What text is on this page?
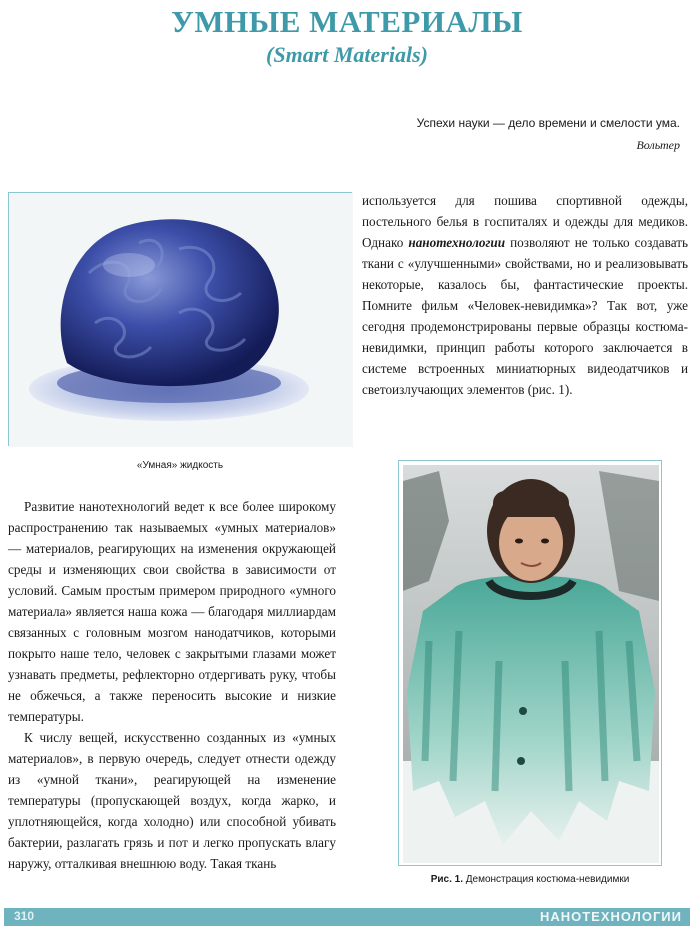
УМНЫЕ МАТЕРИАЛЫ
(Smart Materials)
Успехи науки — дело времени и смелости ума.
Вольтер
«Умная» жидкость

используется для пошива спортивной одежды, постельного белья в госпиталях и одежды для медиков. Однако нанотехнологии позволяют не только создавать ткани с «улучшенными» свойствами, но и реализовывать некоторые, казалось бы, фантастические проекты. Помните фильм «Человек-невидимка»? Так вот, уже сегодня продемонстрированы первые образцы костюма-невидимки, принцип работы которого заключается в системе встроенных миниатюрных видеодатчиков и светоизлучающих элементов (рис. 1).

Развитие нанотехнологий ведет к все более широкому распространению так называемых «умных материалов» — материалов, реагирующих на изменения окружающей среды и изменяющих свои свойства в зависимости от условий. Самым простым примером природного «умного материала» является наша кожа — благодаря миллиардам связанных с головным мозгом нанодатчиков, которыми покрыто наше тело, человек с закрытыми глазами может узнавать предметы, рефлекторно отдергивать руку, чтобы не обжечься, а также переносить высокие и низкие температуры.

К числу вещей, искусственно созданных из «умных материалов», в первую очередь, следует отнести одежду из «умной ткани», реагирующей на изменение температуры (пропускающей воздух, когда жарко, и уплотняющейся, когда холодно) или способной убивать бактерии, разлагать грязь и пот и легко пропускать влагу наружу, отталкивая внешнюю воду. Такая ткань

Рис. 1. Демонстрация костюма-невидимки
310	НАНОТЕХНОЛОГИИ
